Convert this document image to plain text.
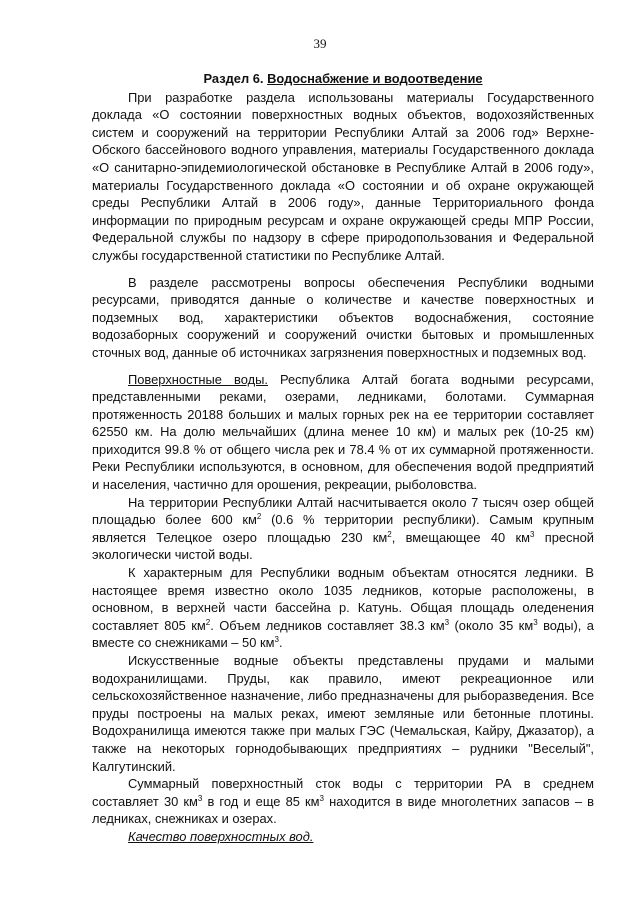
39
Раздел 6. Водоснабжение и водоотведение

При разработке раздела использованы материалы Государственного доклада «О состоянии поверхностных водных объектов, водохозяйственных систем и сооружений на территории Республики Алтай за 2006 год» Верхне-Обского бассейнового водного управления, материалы Государственного доклада «О санитарно-эпидемиологической обстановке в Республике Алтай в 2006 году», материалы Государственного доклада «О состоянии и об охране окружающей среды Республики Алтай в 2006 году», данные Территориального фонда информации по природным ресурсам и охране окружающей среды МПР России, Федеральной службы по надзору в сфере природопользования и Федеральной службы государственной статистики по Республике Алтай.

В разделе рассмотрены вопросы обеспечения Республики водными ресурсами, приводятся данные о количестве и качестве поверхностных и подземных вод, характеристики объектов водоснабжения, состояние водозаборных сооружений и сооружений очистки бытовых и промышленных сточных вод, данные об источниках загрязнения поверхностных и подземных вод.

Поверхностные воды. Республика Алтай богата водными ресурсами, представленными реками, озерами, ледниками, болотами. Суммарная протяженность 20188 больших и малых горных рек на ее территории составляет 62550 км. На долю мельчайших (длина менее 10 км) и малых рек (10-25 км) приходится 99.8 % от общего числа рек и 78.4 % от их суммарной протяженности. Реки Республики используются, в основном, для обеспечения водой предприятий и населения, частично для орошения, рекреации, рыболовства.

На территории Республики Алтай насчитывается около 7 тысяч озер общей площадью более 600 $км^2$ (0.6 % территории республики). Самым крупным является Телецкое озеро площадью 230 $км^2$, вмещающее 40 $км^3$ пресной экологически чистой воды.

К характерным для Республики водным объектам относятся ледники. В настоящее время известно около 1035 ледников, которые расположены, в основном, в верхней части бассейна р. Катунь. Общая площадь оледенения составляет 805 $км^2$. Объем ледников составляет 38.3 $км^3$ (около 35 $км^3$ воды), а вместе со снежниками – 50 $км^3$.

Искусственные водные объекты представлены прудами и малыми водохранилищами. Пруды, как правило, имеют рекреационное или сельскохозяйственное назначение, либо предназначены для рыборазведения. Все пруды построены на малых реках, имеют земляные или бетонные плотины. Водохранилища имеются также при малых ГЭС (Чемальская, Кайру, Джазатор), а также на некоторых горнодобывающих предприятиях – рудники "Веселый", Калгутинский.

Суммарный поверхностный сток воды с территории РА в среднем составляет 30 $км^3$ в год и еще 85 $км^3$ находится в виде многолетних запасов – в ледниках, снежниках и озерах.

Качество поверхностных вод.
